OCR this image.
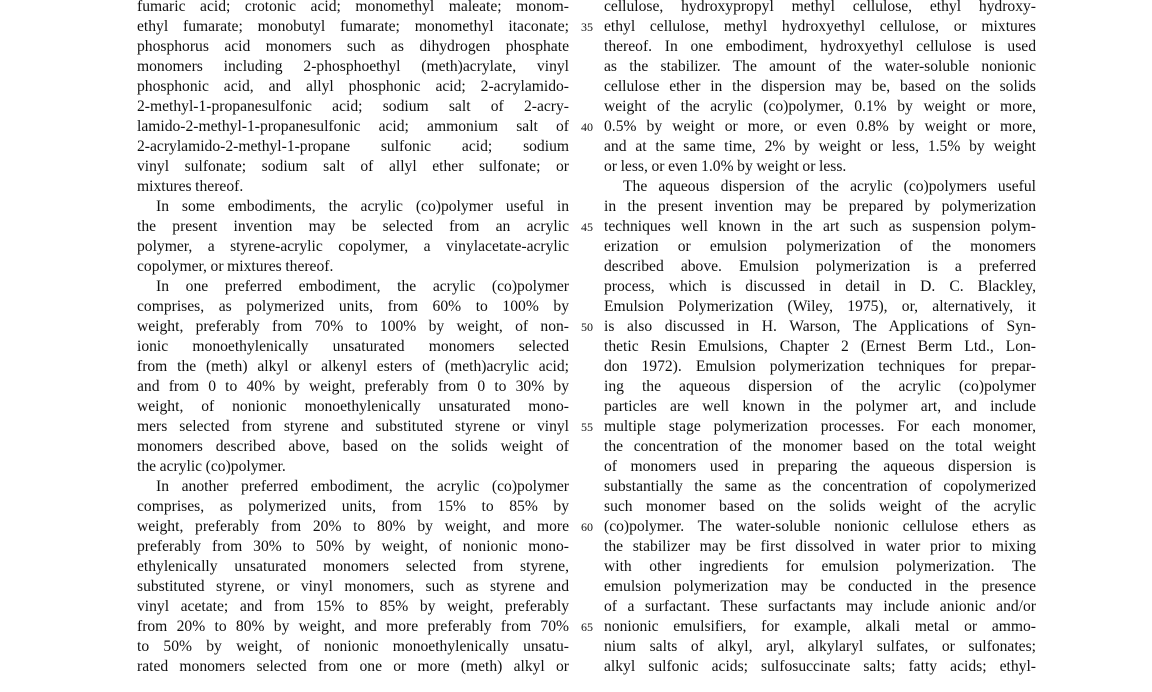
fumaric acid; crotonic acid; monomethyl maleate; monom-
ethyl fumarate; monobutyl fumarate; monomethyl itaconate;
phosphorus acid monomers such as dihydrogen phosphate
monomers including 2-phosphoethyl (meth)acrylate, vinyl
phosphonic acid, and allyl phosphonic acid; 2-acrylamido-
2-methyl-1-propanesulfonic acid; sodium salt of 2-acry-
lamido-2-methyl-1-propanesulfonic acid; ammonium salt of
2-acrylamido-2-methyl-1-propane sulfonic acid; sodium
vinyl sulfonate; sodium salt of allyl ether sulfonate; or
mixtures thereof.
In some embodiments, the acrylic (co)polymer useful in
the present invention may be selected from an acrylic
polymer, a styrene-acrylic copolymer, a vinylacetate-acrylic
copolymer, or mixtures thereof.
In one preferred embodiment, the acrylic (co)polymer
comprises, as polymerized units, from 60% to 100% by
weight, preferably from 70% to 100% by weight, of non-
ionic monoethylenically unsaturated monomers selected
from the (meth) alkyl or alkenyl esters of (meth)acrylic acid;
and from 0 to 40% by weight, preferably from 0 to 30% by
weight, of nonionic monoethylenically unsaturated mono-
mers selected from styrene and substituted styrene or vinyl
monomers described above, based on the solids weight of
the acrylic (co)polymer.
In another preferred embodiment, the acrylic (co)polymer
comprises, as polymerized units, from 15% to 85% by
weight, preferably from 20% to 80% by weight, and more
preferably from 30% to 50% by weight, of nonionic mono-
ethylenically unsaturated monomers selected from styrene,
substituted styrene, or vinyl monomers, such as styrene and
vinyl acetate; and from 15% to 85% by weight, preferably
from 20% to 80% by weight, and more preferably from 70%
to 50% by weight, of nonionic monoethylenically unsatu-
rated monomers selected from one or more (meth) alkyl or
cellulose, hydroxypropyl methyl cellulose, ethyl hydroxy-
ethyl cellulose, methyl hydroxyethyl cellulose, or mixtures
thereof. In one embodiment, hydroxyethyl cellulose is used
as the stabilizer. The amount of the water-soluble nonionic
cellulose ether in the dispersion may be, based on the solids
weight of the acrylic (co)polymer, 0.1% by weight or more,
0.5% by weight or more, or even 0.8% by weight or more,
and at the same time, 2% by weight or less, 1.5% by weight
or less, or even 1.0% by weight or less.
The aqueous dispersion of the acrylic (co)polymers useful
in the present invention may be prepared by polymerization
techniques well known in the art such as suspension polym-
erization or emulsion polymerization of the monomers
described above. Emulsion polymerization is a preferred
process, which is discussed in detail in D. C. Blackley,
Emulsion Polymerization (Wiley, 1975), or, alternatively, it
is also discussed in H. Warson, The Applications of Syn-
thetic Resin Emulsions, Chapter 2 (Ernest Berm Ltd., Lon-
don 1972). Emulsion polymerization techniques for prepar-
ing the aqueous dispersion of the acrylic (co)polymer
particles are well known in the polymer art, and include
multiple stage polymerization processes. For each monomer,
the concentration of the monomer based on the total weight
of monomers used in preparing the aqueous dispersion is
substantially the same as the concentration of copolymerized
such monomer based on the solids weight of the acrylic
(co)polymer. The water-soluble nonionic cellulose ethers as
the stabilizer may be first dissolved in water prior to mixing
with other ingredients for emulsion polymerization. The
emulsion polymerization may be conducted in the presence
of a surfactant. These surfactants may include anionic and/or
nonionic emulsifiers, for example, alkali metal or ammo-
nium salts of alkyl, aryl, alkylaryl sulfates, or sulfonates;
alkyl sulfonic acids; sulfosuccinate salts; fatty acids; ethyl-
35
40
45
50
55
60
65
